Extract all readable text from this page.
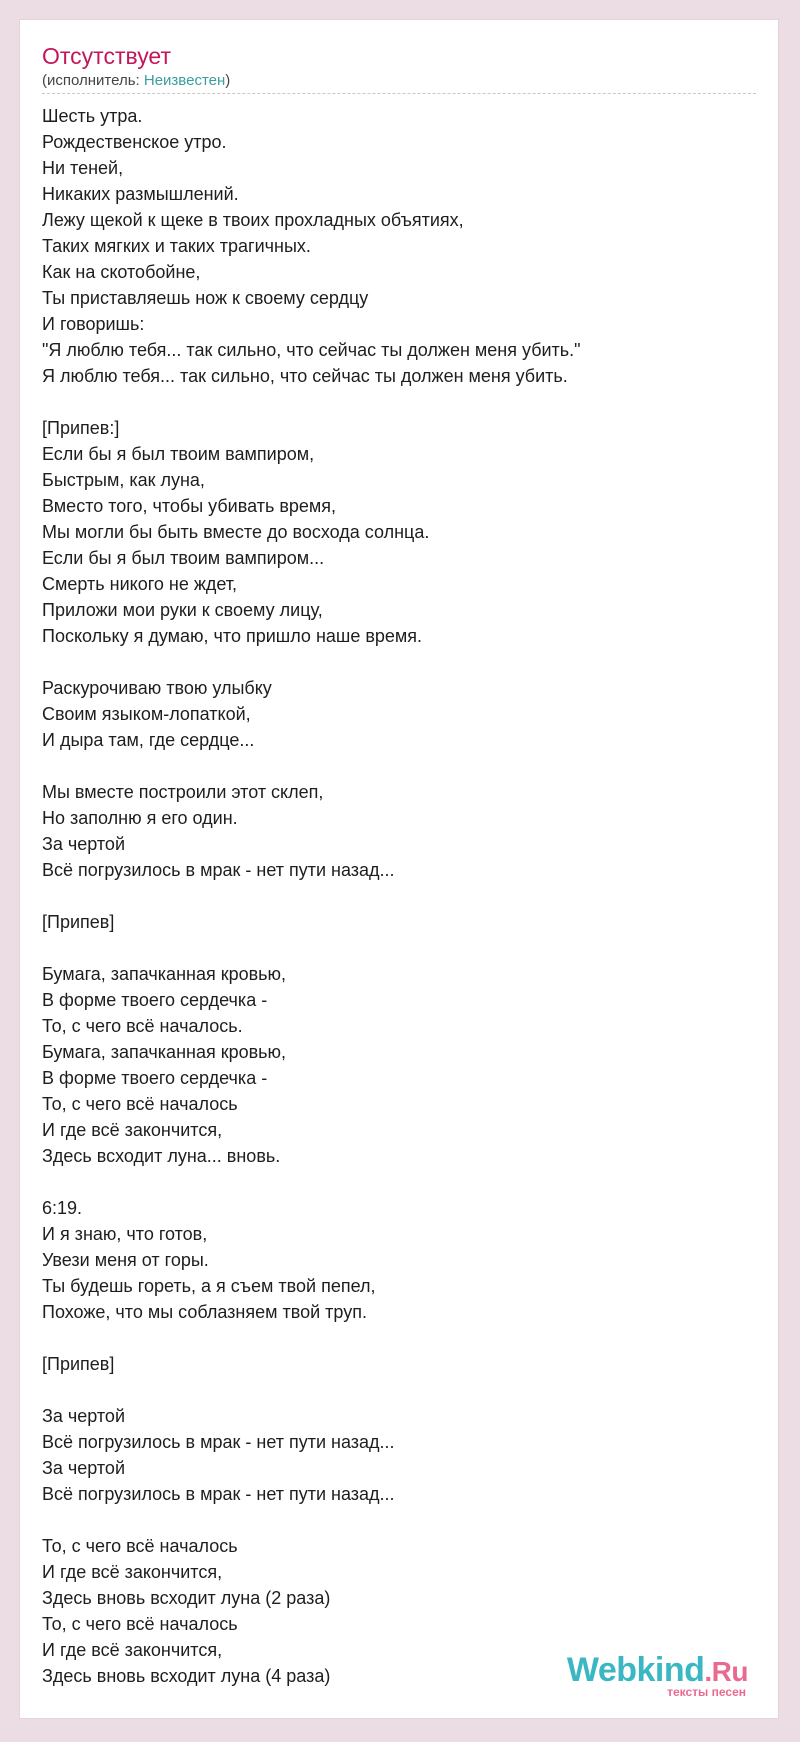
Отсутствует
(исполнитель: Неизвестен)
Шесть утра.
Рождественское утро.
Ни теней,
Никаких размышлений.
Лежу щекой к щеке в твоих прохладных объятиях,
Таких мягких и таких трагичных.
Как на скотобойне,
Ты приставляешь нож к своему сердцу
И говоришь:
"Я люблю тебя... так сильно, что сейчас ты должен меня убить."
Я люблю тебя... так сильно, что сейчас ты должен меня убить.
[Припев:]
Если бы я был твоим вампиром,
Быстрым, как луна,
Вместо того, чтобы убивать время,
Мы могли бы быть вместе до восхода солнца.
Если бы я был твоим вампиром...
Смерть никого не ждет,
Приложи мои руки к своему лицу,
Поскольку я думаю, что пришло наше время.
Раскурочиваю твою улыбку
Своим языком-лопаткой,
И дыра там, где сердце...
Мы вместе построили этот склеп,
Но заполню я его один.
За чертой
Всё погрузилось в мрак - нет пути назад...
[Припев]
Бумага, запачканная кровью,
В форме твоего сердечка -
То, с чего всё началось.
Бумага, запачканная кровью,
В форме твоего сердечка -
То, с чего всё началось
И где всё закончится,
Здесь всходит луна... вновь.
6:19.
И я знаю, что готов,
Увези меня от горы.
Ты будешь гореть, а я съем твой пепел,
Похоже, что мы соблазняем твой труп.
[Припев]
За чертой
Всё погрузилось в мрак - нет пути назад...
За чертой
Всё погрузилось в мрак - нет пути назад...
То, с чего всё началось
И где всё закончится,
Здесь вновь всходит луна (2 раза)
То, с чего всё началось
И где всё закончится,
Здесь вновь всходит луна (4 раза)	Webkind.Ru
тексты песен
